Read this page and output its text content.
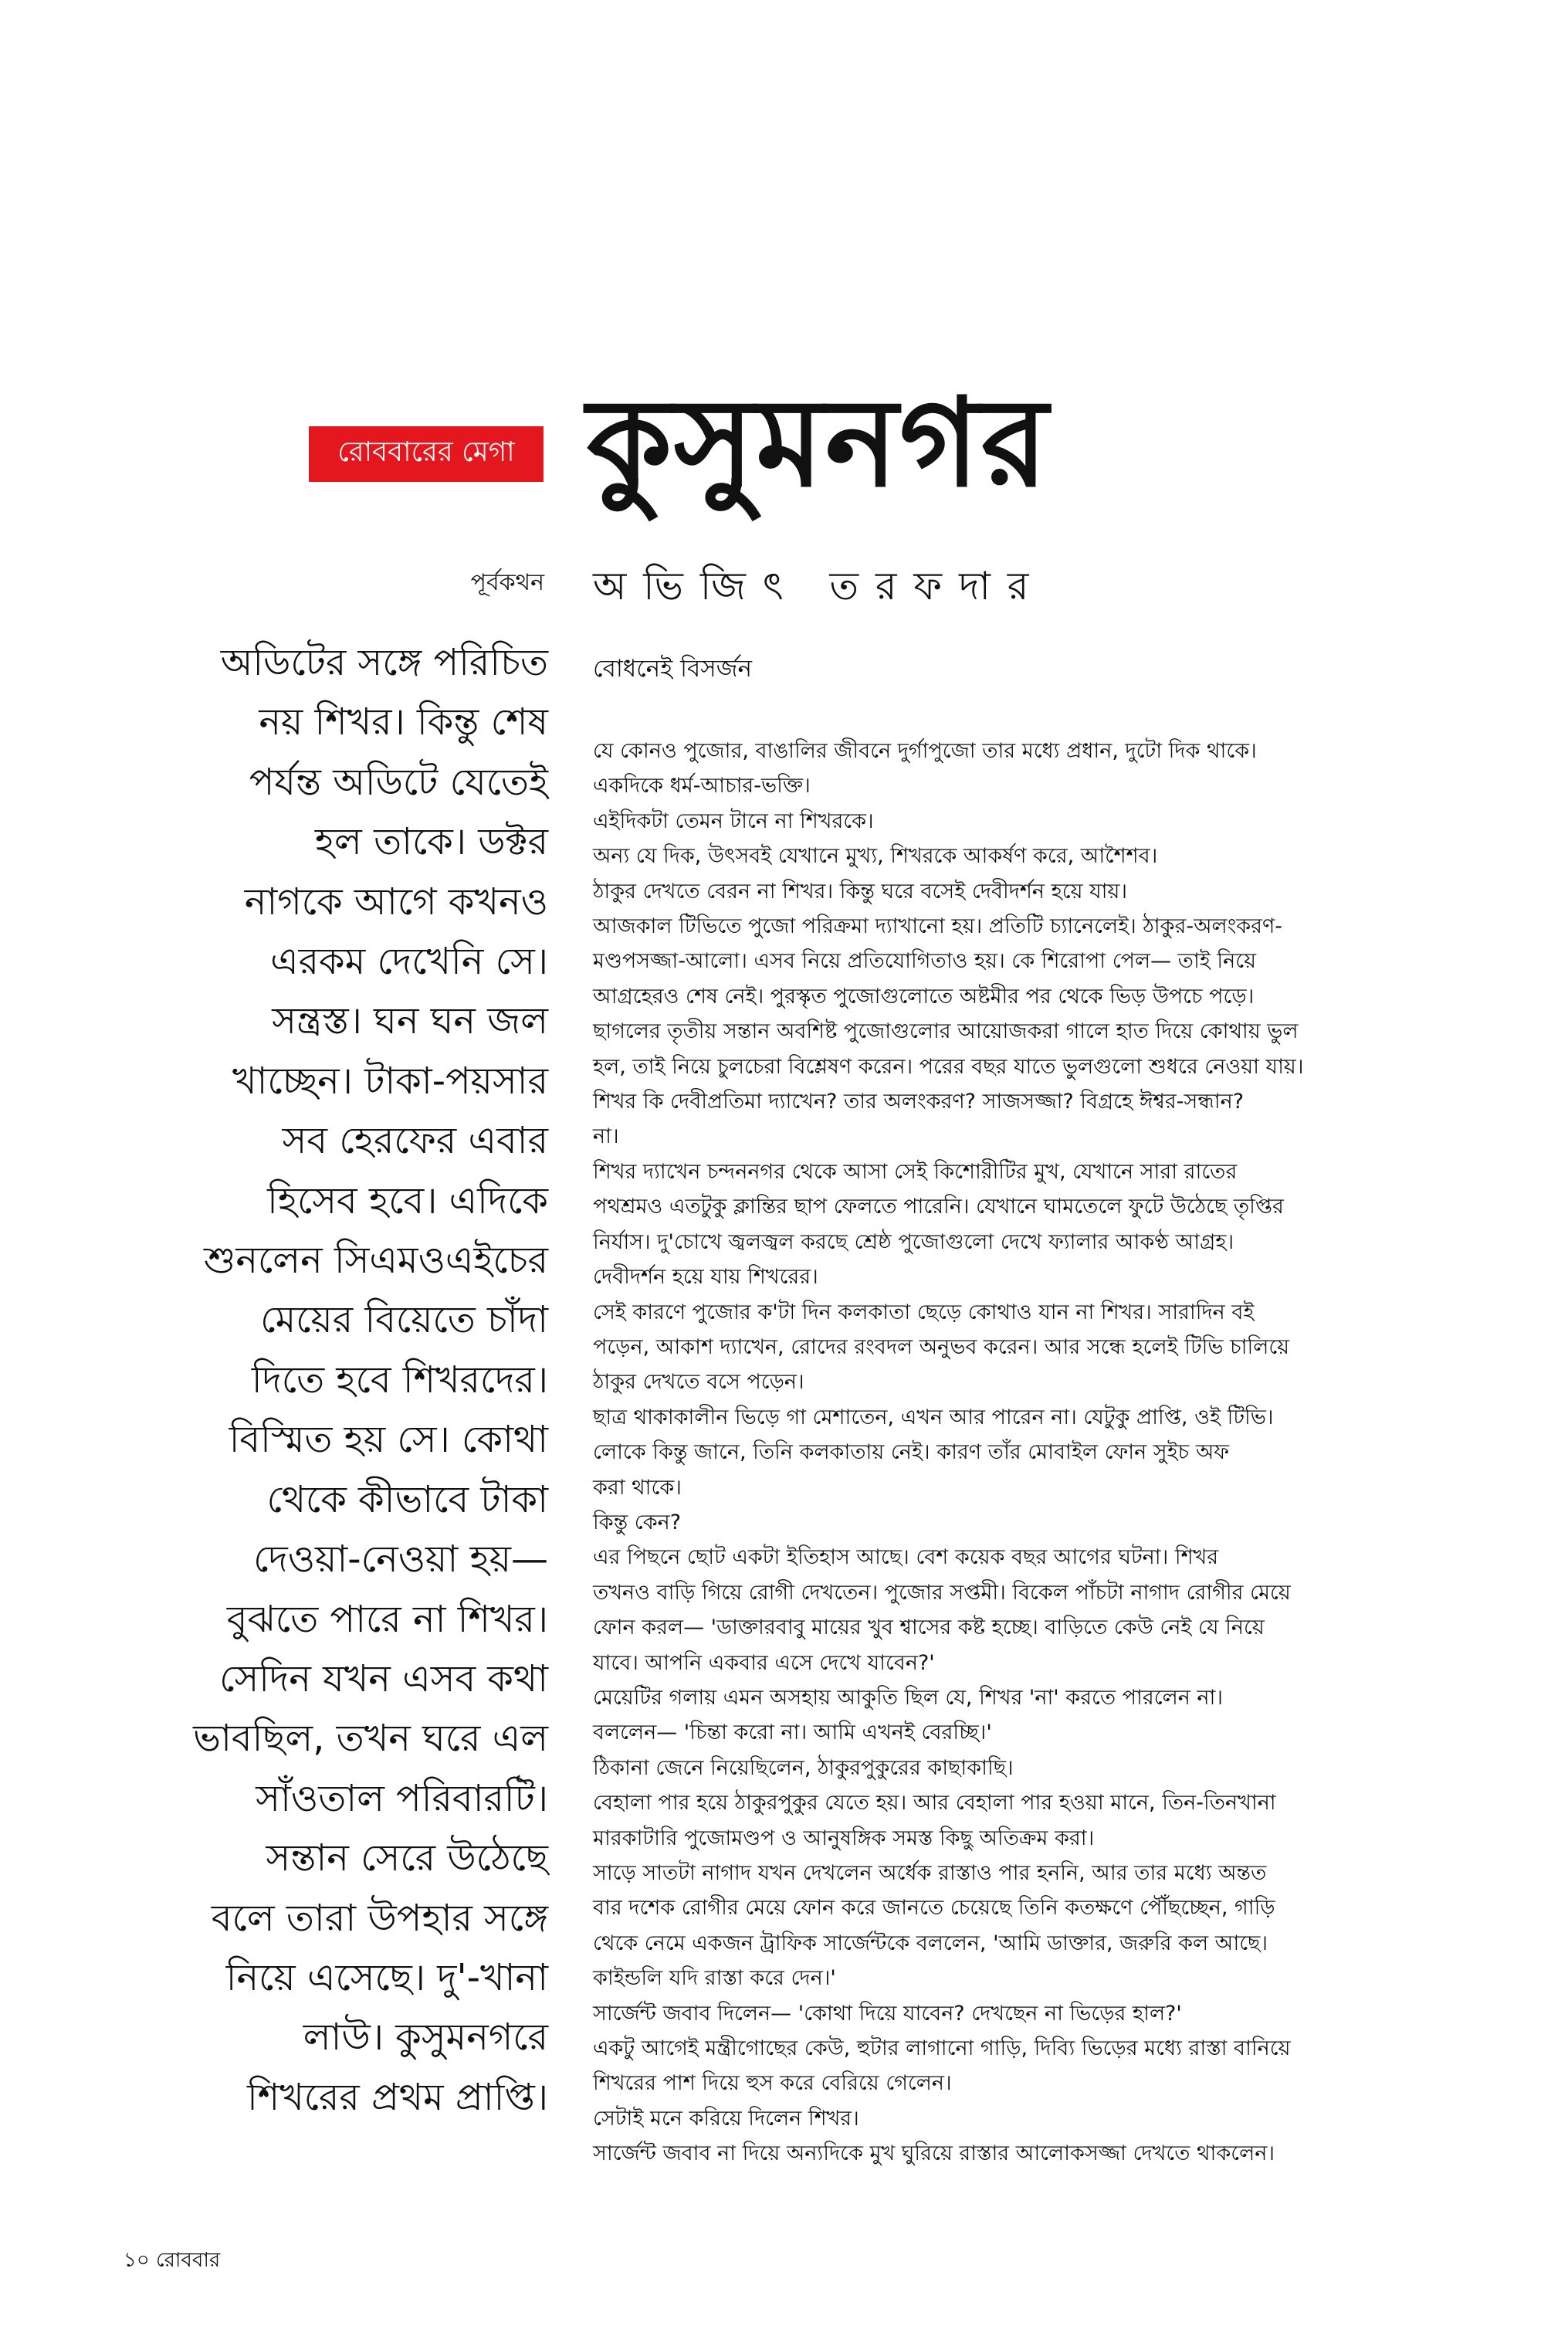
রোববারের মেগা কুসুমনগর
পূর্বকথন অভিজিৎ তরফদার
অডিটের সঙ্গে পরিচিত
নয় শিখর। কিন্তু শেষ
পর্যন্ত অডিটে যেতেই
হল তাকে। ডক্টর
নাগকে আগে কখনও
এরকম দেখেনি সে।
সন্ত্রস্ত। ঘন ঘন জল
খাচ্ছেন। টাকা-পয়সার
সব হেরফের এবার
হিসেব হবে। এদিকে
শুনলেন সিএমওএইচের
মেয়ের বিয়েতে চাঁদা
দিতে হবে শিখরদের।
বিস্মিত হয় সে। কোথা
থেকে কীভাবে টাকা
দেওয়া-নেওয়া হয়—
বুঝতে পারে না শিখর।
সেদিন যখন এসব কথা
ভাবছিল, তখন ঘরে এল
সাঁওতাল পরিবারটি।
সন্তান সেরে উঠেছে
বলে তারা উপহার সঙ্গে
নিয়ে এসেছে। দু'-খানা
লাউ। কুসুমনগরে
শিখরের প্রথম প্রাপ্তি।
বোধনেই বিসর্জন
যে কোনও পুজোর, বাঙালির জীবনে দুর্গাপুজো তার মধ্যে প্রধান, দুটো দিক থাকে।
একদিকে ধর্ম-আচার-ভক্তি।
এইদিকটা তেমন টানে না শিখরকে।
অন্য যে দিক, উৎসবই যেখানে মুখ্য, শিখরকে আকর্ষণ করে, আশৈশব।
ঠাকুর দেখতে বেরন না শিখর। কিন্তু ঘরে বসেই দেবীদর্শন হয়ে যায়।
আজকাল টিভিতে পুজো পরিক্রমা দ্যাখানো হয়। প্রতিটি চ্যানেলেই। ঠাকুর-অলংকরণ-
মণ্ডপসজ্জা-আলো। এসব নিয়ে প্রতিযোগিতাও হয়। কে শিরোপা পেল— তাই নিয়ে
আগ্রহেরও শেষ নেই। পুরস্কৃত পুজোগুলোতে অষ্টমীর পর থেকে ভিড় উপচে পড়ে।
ছাগলের তৃতীয় সন্তান অবশিষ্ট পুজোগুলোর আয়োজকরা গালে হাত দিয়ে কোথায় ভুল
হল, তাই নিয়ে চুলচেরা বিশ্লেষণ করেন। পরের বছর যাতে ভুলগুলো শুধরে নেওয়া যায়।
শিখর কি দেবীপ্রতিমা দ্যাখেন? তার অলংকরণ? সাজসজ্জা? বিগ্রহে ঈশ্বর-সন্ধান?
না।
শিখর দ্যাখেন চন্দননগর থেকে আসা সেই কিশোরীটির মুখ, যেখানে সারা রাতের
পথশ্রমও এতটুকু ক্লান্তির ছাপ ফেলতে পারেনি। যেখানে ঘামতেলে ফুটে উঠেছে তৃপ্তির
নির্যাস। দু'চোখে জ্বলজ্বল করছে শ্রেষ্ঠ পুজোগুলো দেখে ফ্যালার আকণ্ঠ আগ্রহ।
দেবীদর্শন হয়ে যায় শিখরের।
সেই কারণে পুজোর ক'টা দিন কলকাতা ছেড়ে কোথাও যান না শিখর। সারাদিন বই
পড়েন, আকাশ দ্যাখেন, রোদের রংবদল অনুভব করেন। আর সন্ধে হলেই টিভি চালিয়ে
ঠাকুর দেখতে বসে পড়েন।
ছাত্র থাকাকালীন ভিড়ে গা মেশাতেন, এখন আর পারেন না। যেটুকু প্রাপ্তি, ওই টিভি।
লোকে কিন্তু জানে, তিনি কলকাতায় নেই। কারণ তাঁর মোবাইল ফোন সুইচ অফ
করা থাকে।
কিন্তু কেন?
এর পিছনে ছোট একটা ইতিহাস আছে। বেশ কয়েক বছর আগের ঘটনা। শিখর
তখনও বাড়ি গিয়ে রোগী দেখতেন। পুজোর সপ্তমী। বিকেল পাঁচটা নাগাদ রোগীর মেয়ে
ফোন করল— 'ডাক্তারবাবু মায়ের খুব শ্বাসের কষ্ট হচ্ছে। বাড়িতে কেউ নেই যে নিয়ে
যাবে। আপনি একবার এসে দেখে যাবেন?'
মেয়েটির গলায় এমন অসহায় আকুতি ছিল যে, শিখর 'না' করতে পারলেন না।
বললেন— 'চিন্তা করো না। আমি এখনই বেরচ্ছি।'
ঠিকানা জেনে নিয়েছিলেন, ঠাকুরপুকুরের কাছাকাছি।
বেহালা পার হয়ে ঠাকুরপুকুর যেতে হয়। আর বেহালা পার হওয়া মানে, তিন-তিনখানা
মারকাটারি পুজোমণ্ডপ ও আনুষঙ্গিক সমস্ত কিছু অতিক্রম করা।
সাড়ে সাতটা নাগাদ যখন দেখলেন অর্ধেক রাস্তাও পার হননি, আর তার মধ্যে অন্তত
বার দশেক রোগীর মেয়ে ফোন করে জানতে চেয়েছে তিনি কতক্ষণে পৌঁছচ্ছেন, গাড়ি
থেকে নেমে একজন ট্রাফিক সার্জেন্টকে বললেন, 'আমি ডাক্তার, জরুরি কল আছে।
কাইন্ডলি যদি রাস্তা করে দেন।'
সার্জেন্ট জবাব দিলেন— 'কোথা দিয়ে যাবেন? দেখছেন না ভিড়ের হাল?'
একটু আগেই মন্ত্রীগোছের কেউ, হুটার লাগানো গাড়ি, দিব্যি ভিড়ের মধ্যে রাস্তা বানিয়ে
শিখরের পাশ দিয়ে হুস করে বেরিয়ে গেলেন।
সেটাই মনে করিয়ে দিলেন শিখর।
সার্জেন্ট জবাব না দিয়ে অন্যদিকে মুখ ঘুরিয়ে রাস্তার আলোকসজ্জা দেখতে থাকলেন।
১০ রোববার
